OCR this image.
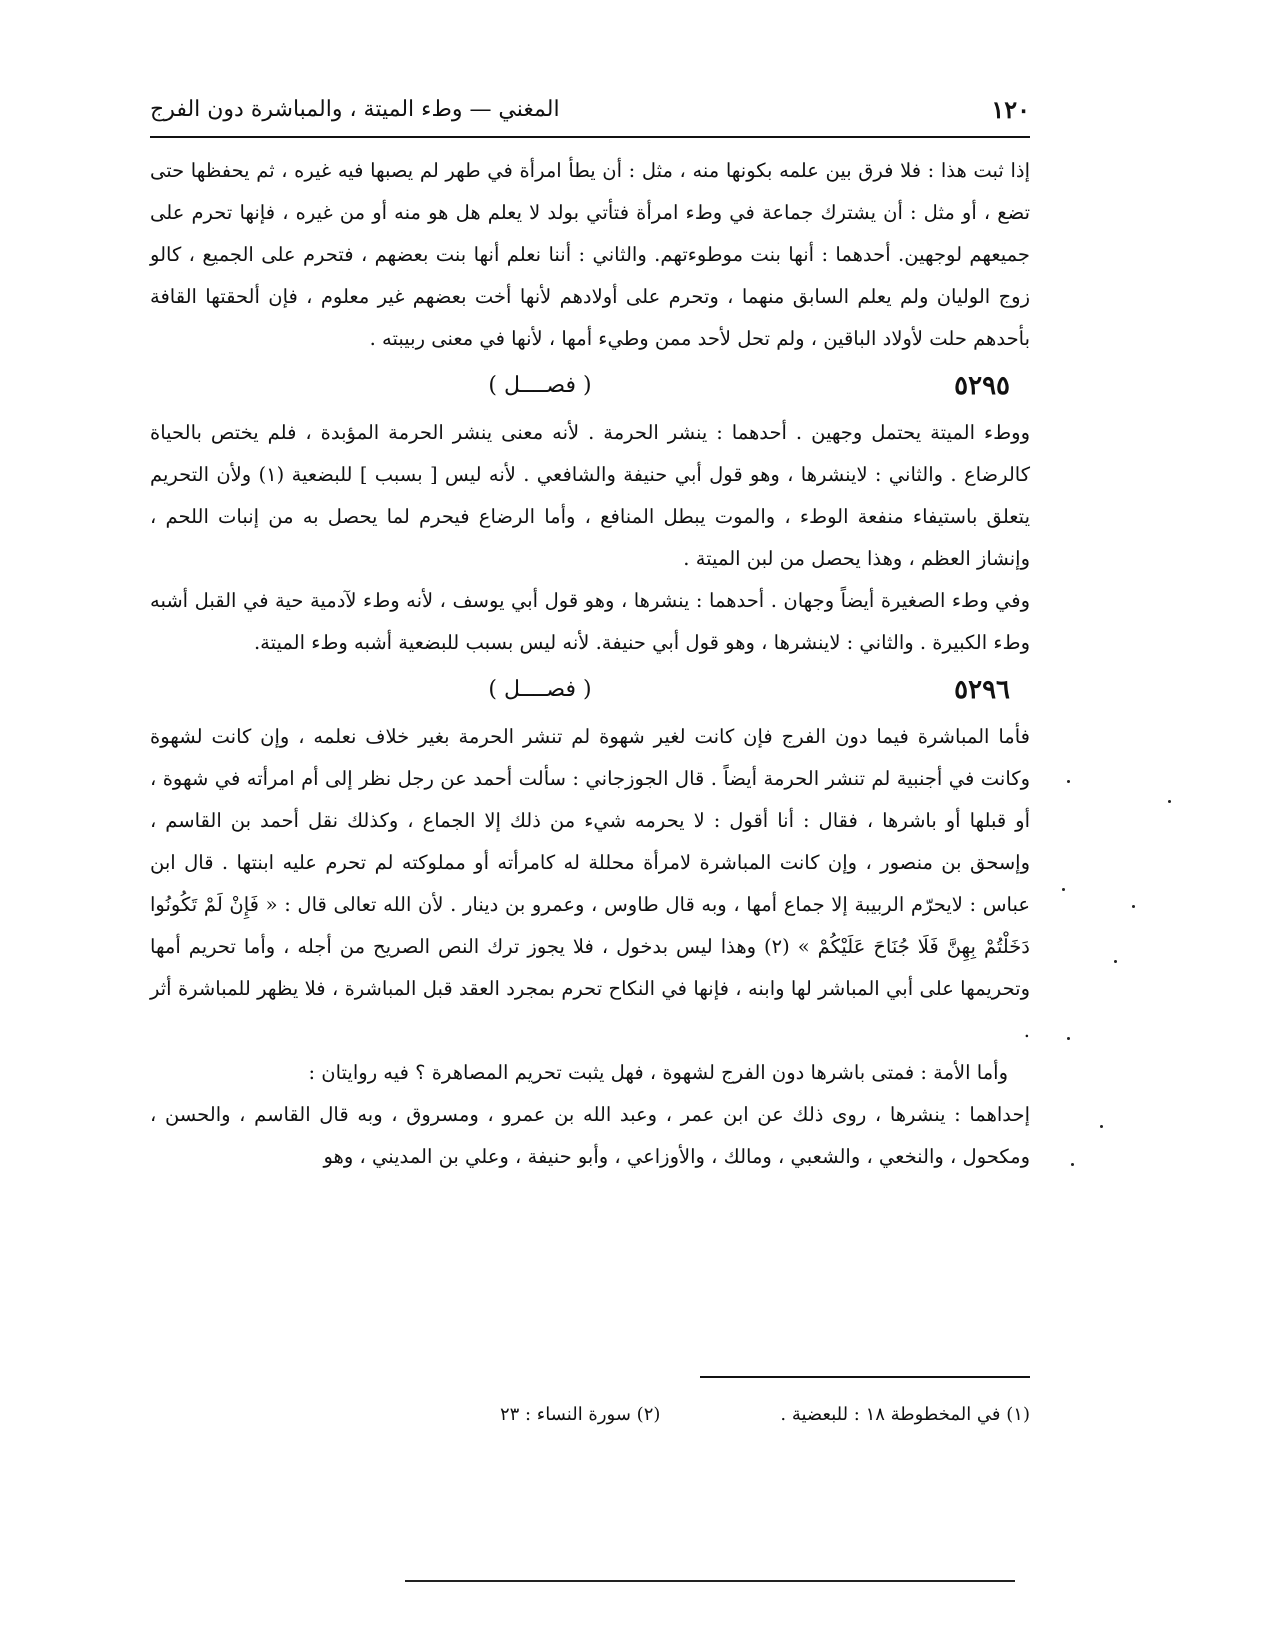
١٢٠
المغني — وطء الميتة ، والمباشرة دون الفرج

إذا ثبت هذا : فلا فرق بين علمه بكونها منه ، مثل : أن يطأ امرأة في طهر لم يصبها فيه غيره ، ثم يحفظها حتى تضع ، أو مثل : أن يشترك جماعة في وطء امرأة فتأتي بولد لا يعلم هل هو منه أو من غيره ، فإنها تحرم على جميعهم لوجهين. أحدهما : أنها بنت موطوءتهم. والثاني : أننا نعلم أنها بنت بعضهم ، فتحرم على الجميع ، كالو زوج الوليان ولم يعلم السابق منهما ، وتحرم على أولادهم لأنها أخت بعضهم غير معلوم ، فإن ألحقتها القافة بأحدهم حلت لأولاد الباقين ، ولم تحل لأحد ممن وطيء أمها ، لأنها في معنى ربيبته .

٥٢٩٥
( فصــــل )

ووطء الميتة يحتمل وجهين . أحدهما : ينشر الحرمة . لأنه معنى ينشر الحرمة المؤبدة ، فلم يختص بالحياة كالرضاع . والثاني : لاينشرها ، وهو قول أبي حنيفة والشافعي . لأنه ليس [ بسبب ] للبضعية (١) ولأن التحريم يتعلق باستيفاء منفعة الوطء ، والموت يبطل المنافع ، وأما الرضاع فيحرم لما يحصل به من إنبات اللحم ، وإنشاز العظم ، وهذا يحصل من لبن الميتة .

وفي وطء الصغيرة أيضاً وجهان . أحدهما : ينشرها ، وهو قول أبي يوسف ، لأنه وطء لآدمية حية في القبل أشبه وطء الكبيرة . والثاني : لاينشرها ، وهو قول أبي حنيفة. لأنه ليس بسبب للبضعية أشبه وطء الميتة.

٥٢٩٦
( فصــــل )

فأما المباشرة فيما دون الفرج فإن كانت لغير شهوة لم تنشر الحرمة بغير خلاف نعلمه ، وإن كانت لشهوة وكانت في أجنبية لم تنشر الحرمة أيضاً . قال الجوزجاني : سألت أحمد عن رجل نظر إلى أم امرأته في شهوة ، أو قبلها أو باشرها ، فقال : أنا أقول : لا يحرمه شيء من ذلك إلا الجماع ، وكذلك نقل أحمد بن القاسم ، وإسحق بن منصور ، وإن كانت المباشرة لامرأة محللة له كامرأته أو مملوكته لم تحرم عليه ابنتها . قال ابن عباس : لايحرّم الربيبة إلا جماع أمها ، وبه قال طاوس ، وعمرو بن دينار . لأن الله تعالى قال : « فَإِنْ لَمْ تَكُونُوا دَخَلْتُمْ بِهِنَّ فَلَا جُنَاحَ عَلَيْكُمْ » (٢) وهذا ليس بدخول ، فلا يجوز ترك النص الصريح من أجله ، وأما تحريم أمها وتحريمها على أبي المباشر لها وابنه ، فإنها في النكاح تحرم بمجرد العقد قبل المباشرة ، فلا يظهر للمباشرة أثر .

وأما الأمة : فمتى باشرها دون الفرج لشهوة ، فهل يثبت تحريم المصاهرة ؟ فيه روايتان :

إحداهما : ينشرها ، روى ذلك عن ابن عمر ، وعبد الله بن عمرو ، ومسروق ، وبه قال القاسم ، والحسن ، ومكحول ، والنخعي ، والشعبي ، ومالك ، والأوزاعي ، وأبو حنيفة ، وعلي بن المديني ، وهو

(١) في المخطوطة ١٨ : للبعضية .
(٢) سورة النساء : ٢٣
